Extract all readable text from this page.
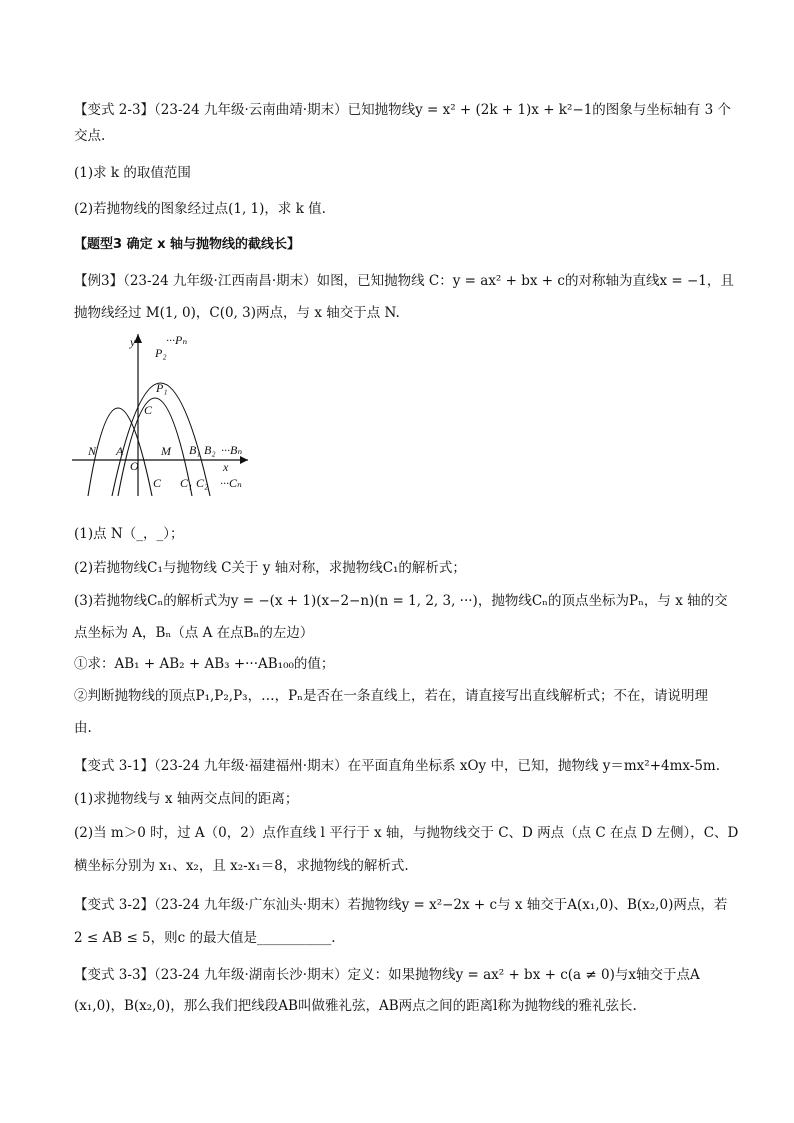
【变式 2-3】（23-24 九年级·云南曲靖·期末）已知抛物线y = x² + (2k + 1)x + k²−1的图象与坐标轴有 3 个
交点.
(1)求 k 的取值范围
(2)若抛物线的图象经过点(1, 1)，求 k 值.
【题型3 确定 x 轴与抛物线的截线长】
【例3】（23-24 九年级·江西南昌·期末）如图，已知抛物线 C：y = ax² + bx + c的对称轴为直线x = −1，且
抛物线经过 M(1, 0)，C(0, 3)两点，与 x 轴交于点 N.
y	···Pₙ
P₂
P₁
C
N A
O
M B₁ B₂ ···Bₙ
x
C C₁ C₂ ···Cₙ
(1)点 N（_，_）；
(2)若抛物线C₁与抛物线 C关于 y 轴对称，求抛物线C₁的解析式；
(3)若抛物线Cₙ的解析式为y = −(x + 1)(x−2−n)(n = 1, 2, 3, ···)，抛物线Cₙ的顶点坐标为Pₙ，与 x 轴的交
点坐标为 A，Bₙ（点 A 在点Bₙ的左边）
①求：AB₁ + AB₂ + AB₃ +···AB₁₀₀的值；
②判断抛物线的顶点P₁,P₂,P₃，…，Pₙ是否在一条直线上，若在，请直接写出直线解析式；不在，请说明理
由.
【变式 3-1】（23-24 九年级·福建福州·期末）在平面直角坐标系 xOy 中，已知，抛物线 y＝mx²+4mx-5m.
(1)求抛物线与 x 轴两交点间的距离；
(2)当 m＞0 时，过 A（0，2）点作直线 l 平行于 x 轴，与抛物线交于 C、D 两点（点 C 在点 D 左侧），C、D
横坐标分别为 x₁、x₂，且 x₂-x₁＝8，求抛物线的解析式.
【变式 3-2】（23-24 九年级·广东汕头·期末）若抛物线y = x²−2x + c与 x 轴交于A(x₁,0)、B(x₂,0)两点，若
2 ≤ AB ≤ 5，则c 的最大值是___________.
【变式 3-3】（23-24 九年级·湖南长沙·期末）定义：如果抛物线y = ax² + bx + c(a ≠ 0)与x轴交于点A
(x₁,0)，B(x₂,0)，那么我们把线段AB叫做雅礼弦，AB两点之间的距离l称为抛物线的雅礼弦长.
